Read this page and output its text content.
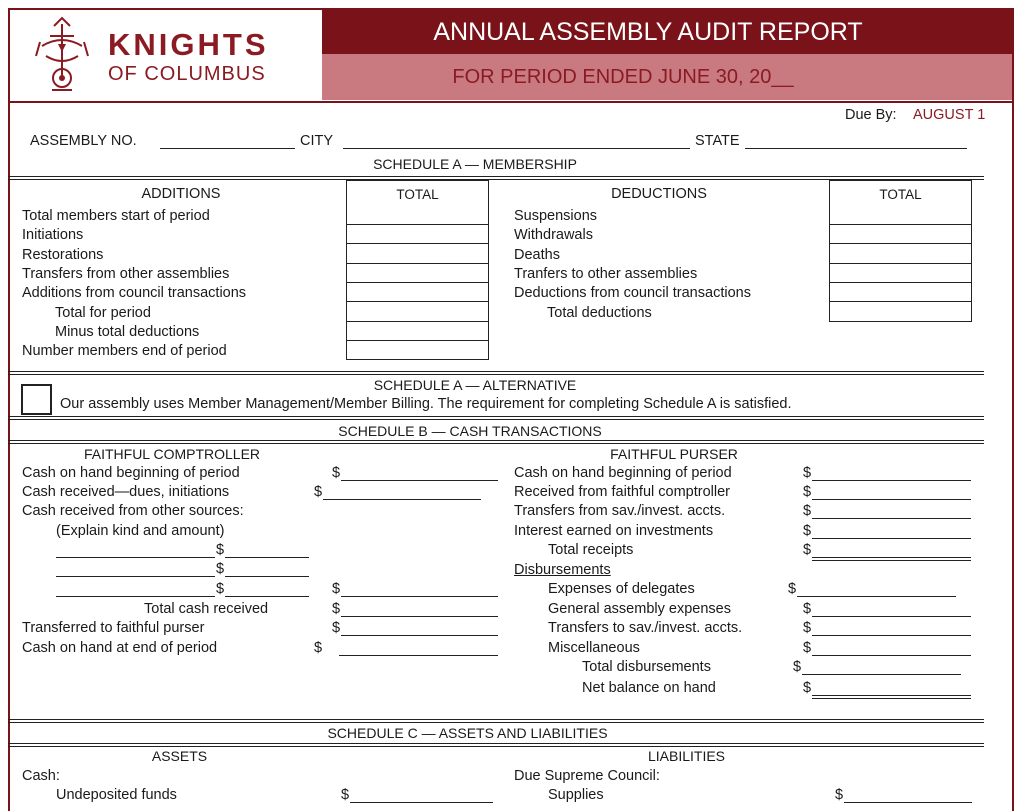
KNIGHTS
OF COLUMBUS
ANNUAL ASSEMBLY AUDIT REPORT
FOR PERIOD ENDED JUNE 30, 20__
Due By: AUGUST 1
ASSEMBLY NO.	CITY	STATE
SCHEDULE A — MEMBERSHIP
ADDITIONS	TOTAL
Total members start of period
Initiations
Restorations
Transfers from other assemblies
Additions from council transactions
Total for period
Minus total deductions
Number members end of period
DEDUCTIONS	TOTAL
Suspensions
Withdrawals
Deaths
Tranfers to other assemblies
Deductions from council transactions
Total deductions
SCHEDULE A — ALTERNATIVE
Our assembly uses Member Management/Member Billing. The requirement for completing Schedule A is satisfied.
SCHEDULE B — CASH TRANSACTIONS
FAITHFUL COMPTROLLER	FAITHFUL PURSER
Cash on hand beginning of period	$
Cash received—dues, initiations	$
Cash received from other sources:
(Explain kind and amount)
$
$
$	$
Total cash received	$
Transferred to faithful purser	$
Cash on hand at end of period	$
Cash on hand beginning of period	$
Received from faithful comptroller	$
Transfers from sav./invest. accts.	$
Interest earned on investments	$
Total receipts	$
Disbursements
Expenses of delegates	$
General assembly expenses	$
Transfers to sav./invest. accts.	$
Miscellaneous	$
Total disbursements	$
Net balance on hand	$
SCHEDULE C — ASSETS AND LIABILITIES
ASSETS	LIABILITIES
Cash:
Undeposited funds	$
Due Supreme Council:
Supplies	$
